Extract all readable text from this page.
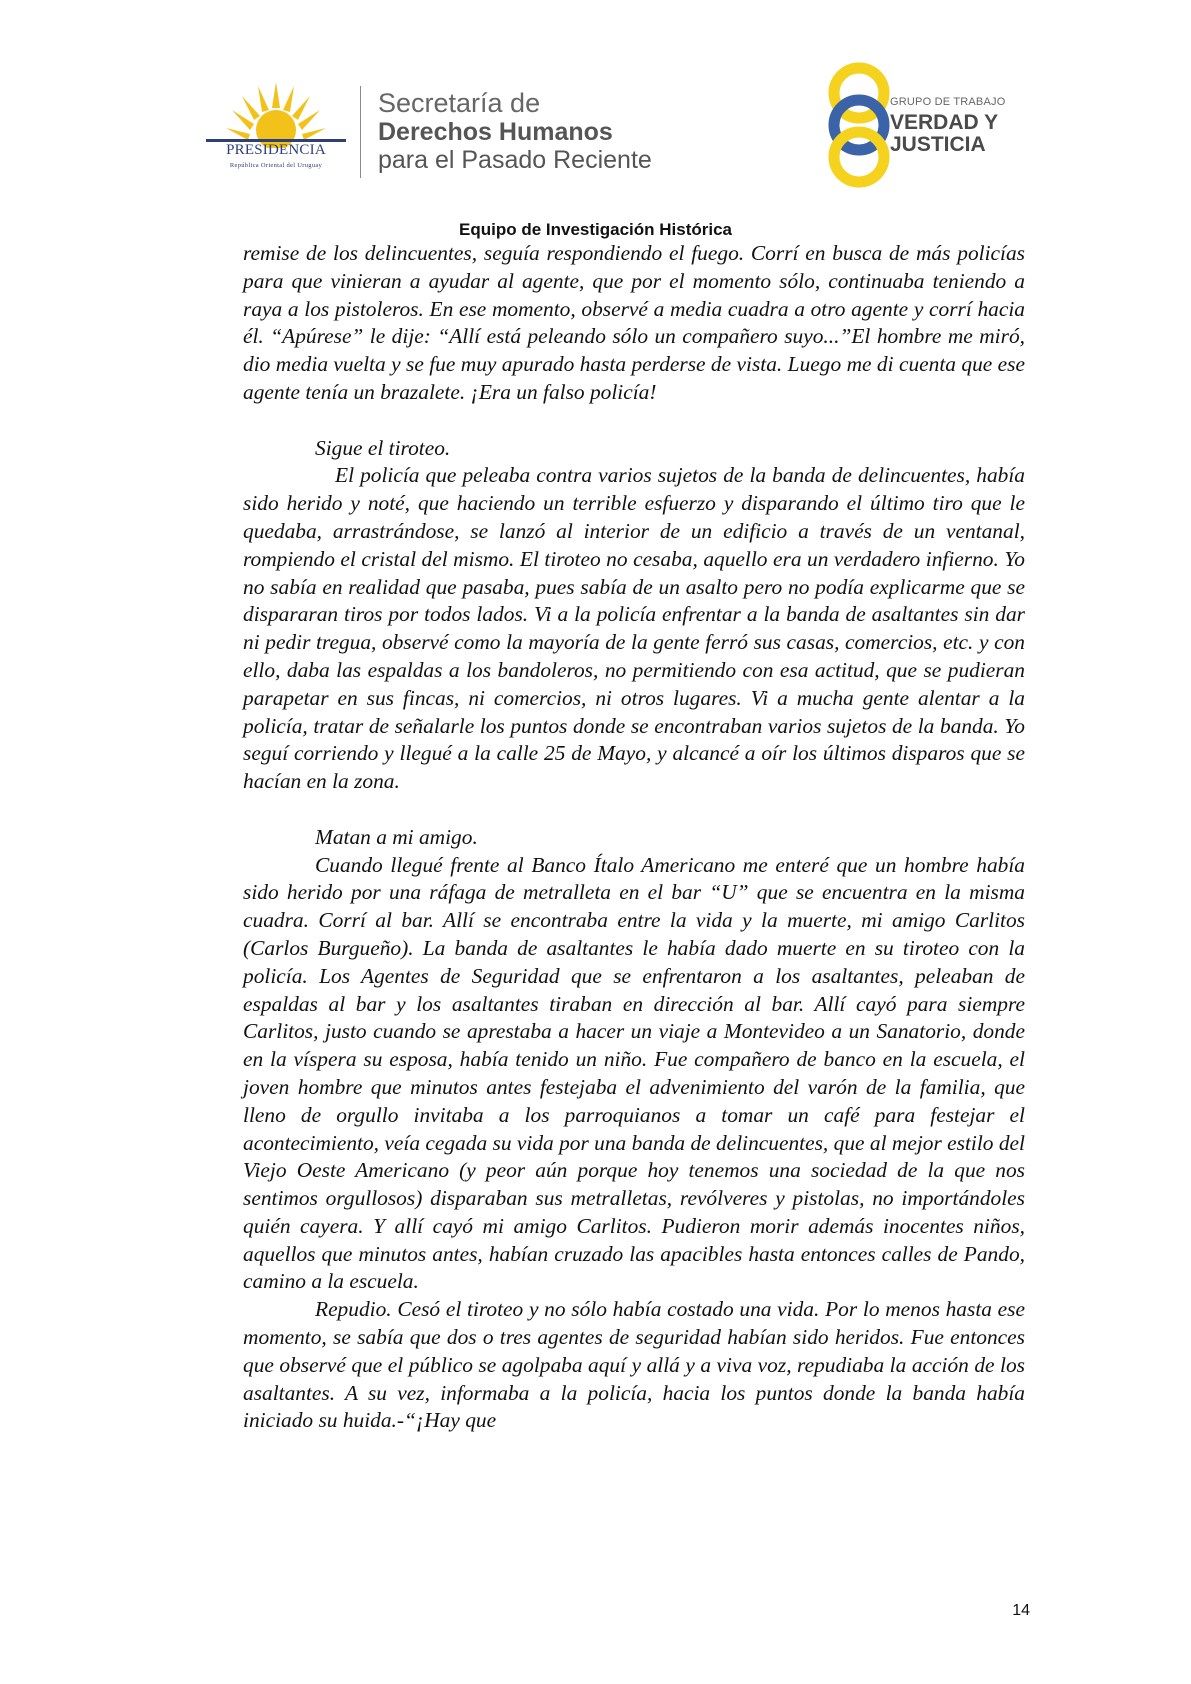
PRESIDENCIA
República Oriental del Uruguay
Secretaría de
Derechos Humanos
para el Pasado Reciente
GRUPO DE TRABAJO
VERDAD Y
JUSTICIA
Equipo de Investigación Histórica

remise de los delincuentes, seguía respondiendo el fuego. Corrí en busca de más policías para que vinieran a ayudar al agente, que por el momento sólo, continuaba teniendo a raya a los pistoleros. En ese momento, observé a media cuadra a otro agente y corrí hacia él. “Apúrese” le dije: “Allí está peleando sólo un compañero suyo...”El hombre me miró, dio media vuelta y se fue muy apurado hasta perderse de vista. Luego me di cuenta que ese agente tenía un brazalete. ¡Era un falso policía!

Sigue el tiroteo.

El policía que peleaba contra varios sujetos de la banda de delincuentes, había sido herido y noté, que haciendo un terrible esfuerzo y disparando el último tiro que le quedaba, arrastrándose, se lanzó al interior de un edificio a través de un ventanal, rompiendo el cristal del mismo. El tiroteo no cesaba, aquello era un verdadero infierno. Yo no sabía en realidad que pasaba, pues sabía de un asalto pero no podía explicarme que se dispararan tiros por todos lados. Vi a la policía enfrentar a la banda de asaltantes sin dar ni pedir tregua, observé como la mayoría de la gente ferró sus casas, comercios, etc. y con ello, daba las espaldas a los bandoleros, no permitiendo con esa actitud, que se pudieran parapetar en sus fincas, ni comercios, ni otros lugares. Vi a mucha gente alentar a la policía, tratar de señalarle los puntos donde se encontraban varios sujetos de la banda. Yo seguí corriendo y llegué a la calle 25 de Mayo, y alcancé a oír los últimos disparos que se hacían en la zona.

Matan a mi amigo.

Cuando llegué frente al Banco Ítalo Americano me enteré que un hombre había sido herido por una ráfaga de metralleta en el bar “U” que se encuentra en la misma cuadra. Corrí al bar. Allí se encontraba entre la vida y la muerte, mi amigo Carlitos (Carlos Burgueño). La banda de asaltantes le había dado muerte en su tiroteo con la policía. Los Agentes de Seguridad que se enfrentaron a los asaltantes, peleaban de espaldas al bar y los asaltantes tiraban en dirección al bar. Allí cayó para siempre Carlitos, justo cuando se aprestaba a hacer un viaje a Montevideo a un Sanatorio, donde en la víspera su esposa, había tenido un niño. Fue compañero de banco en la escuela, el joven hombre que minutos antes festejaba el advenimiento del varón de la familia, que lleno de orgullo invitaba a los parroquianos a tomar un café para festejar el acontecimiento, veía cegada su vida por una banda de delincuentes, que al mejor estilo del Viejo Oeste Americano (y peor aún porque hoy tenemos una sociedad de la que nos sentimos orgullosos) disparaban sus metralletas, revólveres y pistolas, no importándoles quién cayera. Y allí cayó mi amigo Carlitos. Pudieron morir además inocentes niños, aquellos que minutos antes, habían cruzado las apacibles hasta entonces calles de Pando, camino a la escuela.

Repudio. Cesó el tiroteo y no sólo había costado una vida. Por lo menos hasta ese momento, se sabía que dos o tres agentes de seguridad habían sido heridos. Fue entonces que observé que el público se agolpaba aquí y allá y a viva voz, repudiaba la acción de los asaltantes. A su vez, informaba a la policía, hacia los puntos donde la banda había iniciado su huida.-“¡Hay que

14
